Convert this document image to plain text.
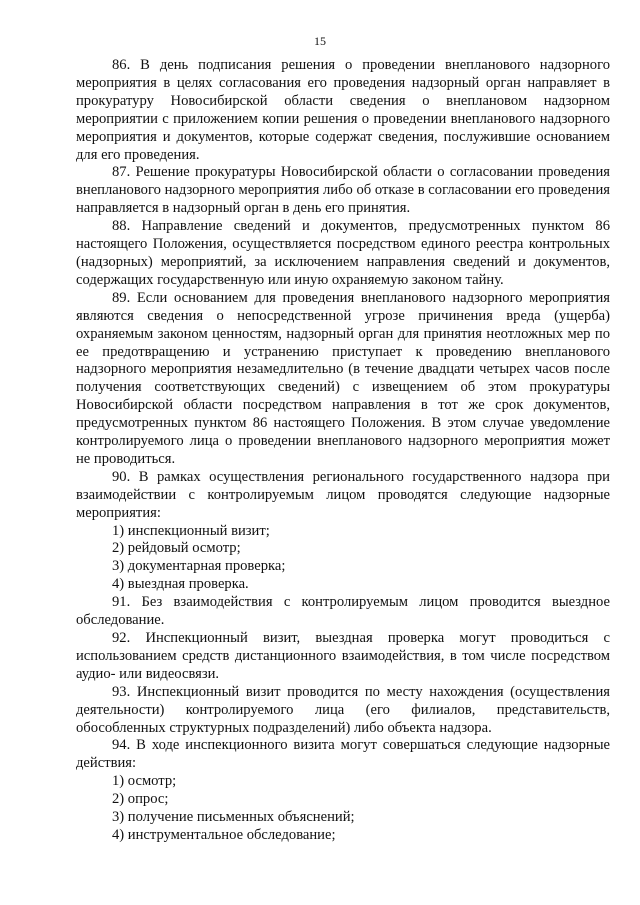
15

86. В день подписания решения о проведении внепланового надзорного мероприятия в целях согласования его проведения надзорный орган направляет в прокуратуру Новосибирской области сведения о внеплановом надзорном мероприятии с приложением копии решения о проведении внепланового надзорного мероприятия и документов, которые содержат сведения, послужившие основанием для его проведения.

87. Решение прокуратуры Новосибирской области о согласовании проведения внепланового надзорного мероприятия либо об отказе в согласовании его проведения направляется в надзорный орган в день его принятия.

88. Направление сведений и документов, предусмотренных пунктом 86 настоящего Положения, осуществляется посредством единого реестра контрольных (надзорных) мероприятий, за исключением направления сведений и документов, содержащих государственную или иную охраняемую законом тайну.

89. Если основанием для проведения внепланового надзорного мероприятия являются сведения о непосредственной угрозе причинения вреда (ущерба) охраняемым законом ценностям, надзорный орган для принятия неотложных мер по ее предотвращению и устранению приступает к проведению внепланового надзорного мероприятия незамедлительно (в течение двадцати четырех часов после получения соответствующих сведений) с извещением об этом прокуратуры Новосибирской области посредством направления в тот же срок документов, предусмотренных пунктом 86 настоящего Положения. В этом случае уведомление контролируемого лица о проведении внепланового надзорного мероприятия может не проводиться.

90. В рамках осуществления регионального государственного надзора при взаимодействии с контролируемым лицом проводятся следующие надзорные мероприятия:

1) инспекционный визит;

2) рейдовый осмотр;

3) документарная проверка;

4) выездная проверка.

91. Без взаимодействия с контролируемым лицом проводится выездное обследование.

92. Инспекционный визит, выездная проверка могут проводиться с использованием средств дистанционного взаимодействия, в том числе посредством аудио- или видеосвязи.

93. Инспекционный визит проводится по месту нахождения (осуществления деятельности) контролируемого лица (его филиалов, представительств, обособленных структурных подразделений) либо объекта надзора.

94. В ходе инспекционного визита могут совершаться следующие надзорные действия:

1) осмотр;

2) опрос;

3) получение письменных объяснений;

4) инструментальное обследование;
